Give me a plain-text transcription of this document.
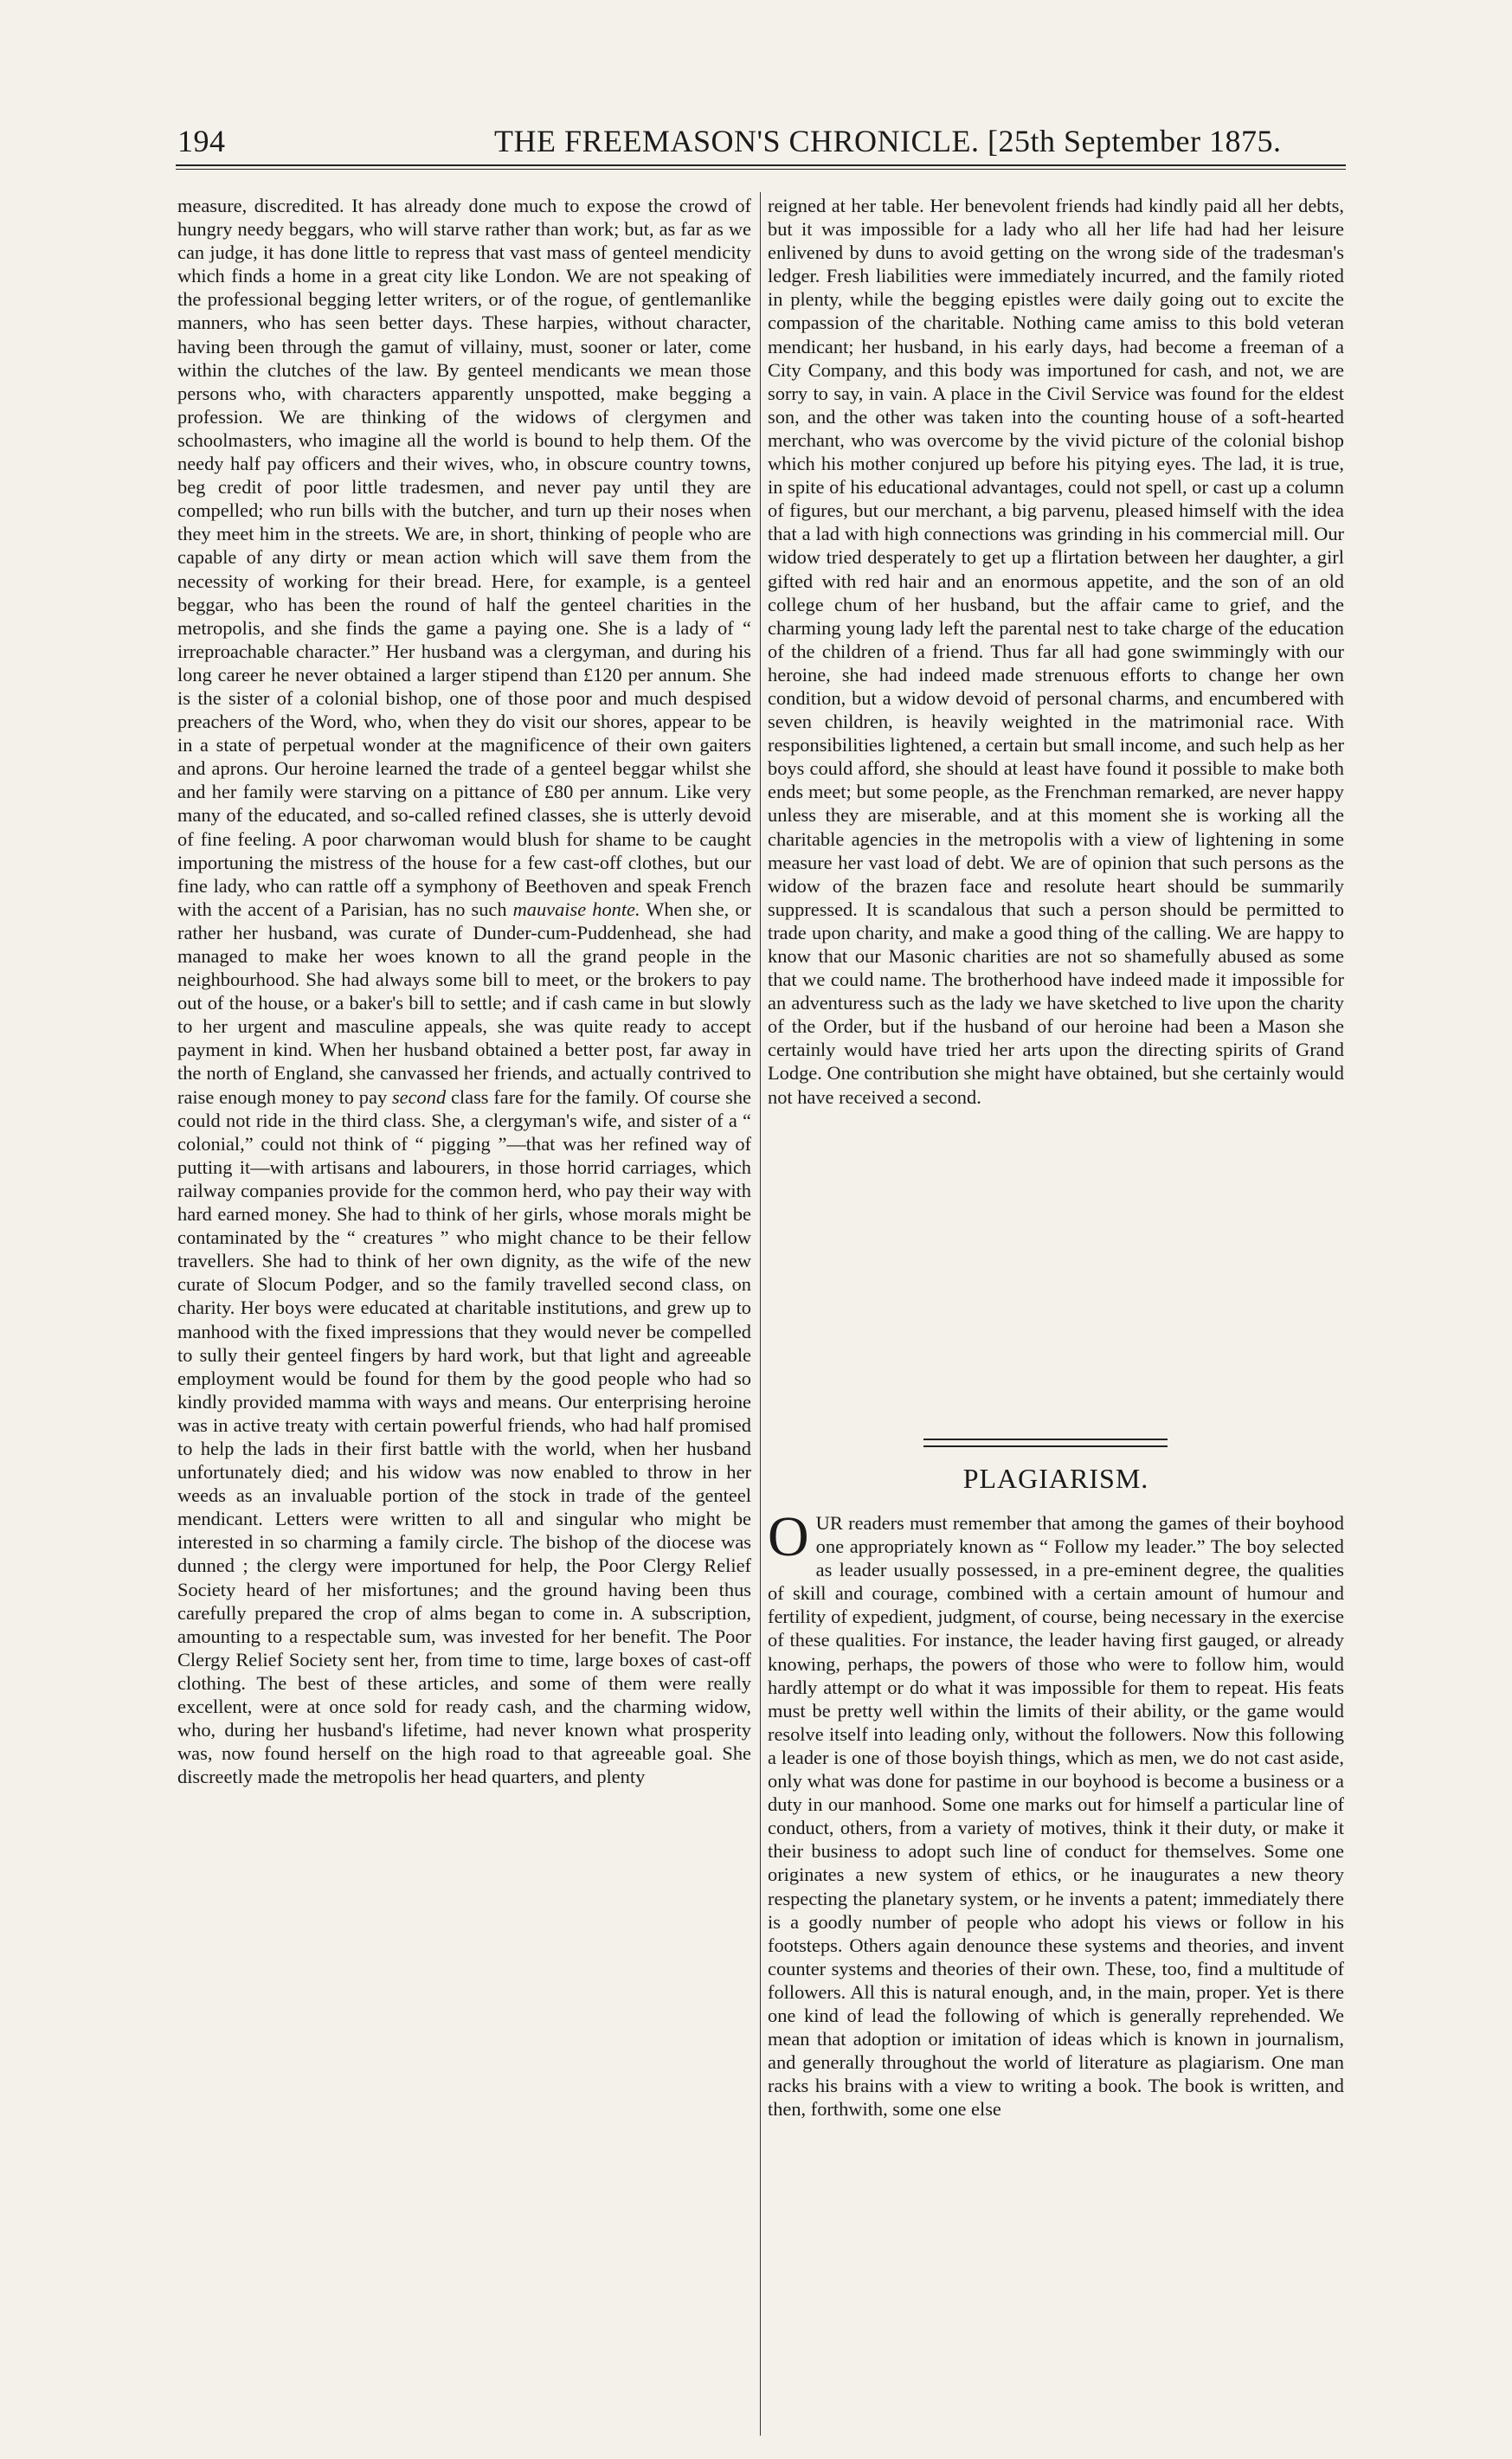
194	THE FREEMASON'S CHRONICLE. [25th September 1875.

measure, discredited. It has already done much to expose the crowd of hungry needy beggars, who will starve rather than work; but, as far as we can judge, it has done little to repress that vast mass of genteel mendicity which finds a home in a great city like London. We are not speaking of the professional begging letter writers, or of the rogue, of gentlemanlike manners, who has seen better days. These harpies, without character, having been through the gamut of villainy, must, sooner or later, come within the clutches of the law. By genteel mendicants we mean those persons who, with characters apparently unspotted, make begging a profession. We are thinking of the widows of clergymen and schoolmasters, who imagine all the world is bound to help them. Of the needy half pay officers and their wives, who, in obscure country towns, beg credit of poor little tradesmen, and never pay until they are compelled; who run bills with the butcher, and turn up their noses when they meet him in the streets. We are, in short, thinking of people who are capable of any dirty or mean action which will save them from the necessity of working for their bread. Here, for example, is a genteel beggar, who has been the round of half the genteel charities in the metropolis, and she finds the game a paying one. She is a lady of “ irreproachable character.” Her husband was a clergyman, and during his long career he never obtained a larger stipend than £120 per annum. She is the sister of a colonial bishop, one of those poor and much despised preachers of the Word, who, when they do visit our shores, appear to be in a state of perpetual wonder at the magnificence of their own gaiters and aprons. Our heroine learned the trade of a genteel beggar whilst she and her family were starving on a pittance of £80 per annum. Like very many of the educated, and so-called refined classes, she is utterly devoid of fine feeling. A poor charwoman would blush for shame to be caught importuning the mistress of the house for a few cast-off clothes, but our fine lady, who can rattle off a symphony of Beethoven and speak French with the accent of a Parisian, has no such mauvaise honte. When she, or rather her husband, was curate of Dunder-cum-Puddenhead, she had managed to make her woes known to all the grand people in the neighbourhood. She had always some bill to meet, or the brokers to pay out of the house, or a baker's bill to settle; and if cash came in but slowly to her urgent and masculine appeals, she was quite ready to accept payment in kind. When her husband obtained a better post, far away in the north of England, she canvassed her friends, and actually contrived to raise enough money to pay second class fare for the family. Of course she could not ride in the third class. She, a clergyman's wife, and sister of a “ colonial,” could not think of “ pigging ”—that was her refined way of putting it—with artisans and labourers, in those horrid carriages, which railway companies provide for the common herd, who pay their way with hard earned money. She had to think of her girls, whose morals might be contaminated by the “ creatures ” who might chance to be their fellow travellers. She had to think of her own dignity, as the wife of the new curate of Slocum Podger, and so the family travelled second class, on charity. Her boys were educated at charitable institutions, and grew up to manhood with the fixed impressions that they would never be compelled to sully their genteel fingers by hard work, but that light and agreeable employment would be found for them by the good people who had so kindly provided mamma with ways and means. Our enterprising heroine was in active treaty with certain powerful friends, who had half promised to help the lads in their first battle with the world, when her husband unfortunately died; and his widow was now enabled to throw in her weeds as an invaluable portion of the stock in trade of the genteel mendicant. Letters were written to all and singular who might be interested in so charming a family circle. The bishop of the diocese was dunned ; the clergy were importuned for help, the Poor Clergy Relief Society heard of her misfortunes; and the ground having been thus carefully prepared the crop of alms began to come in. A subscription, amounting to a respectable sum, was invested for her benefit. The Poor Clergy Relief Society sent her, from time to time, large boxes of cast-off clothing. The best of these articles, and some of them were really excellent, were at once sold for ready cash, and the charming widow, who, during her husband's lifetime, had never known what prosperity was, now found herself on the high road to that agreeable goal. She discreetly made the metropolis her head quarters, and plenty

reigned at her table. Her benevolent friends had kindly paid all her debts, but it was impossible for a lady who all her life had had her leisure enlivened by duns to avoid getting on the wrong side of the tradesman's ledger. Fresh liabilities were immediately incurred, and the family rioted in plenty, while the begging epistles were daily going out to excite the compassion of the charitable. Nothing came amiss to this bold veteran mendicant; her husband, in his early days, had become a freeman of a City Company, and this body was importuned for cash, and not, we are sorry to say, in vain. A place in the Civil Service was found for the eldest son, and the other was taken into the counting house of a soft-hearted merchant, who was overcome by the vivid picture of the colonial bishop which his mother conjured up before his pitying eyes. The lad, it is true, in spite of his educational advantages, could not spell, or cast up a column of figures, but our merchant, a big parvenu, pleased himself with the idea that a lad with high connections was grinding in his commercial mill. Our widow tried desperately to get up a flirtation between her daughter, a girl gifted with red hair and an enormous appetite, and the son of an old college chum of her husband, but the affair came to grief, and the charming young lady left the parental nest to take charge of the education of the children of a friend. Thus far all had gone swimmingly with our heroine, she had indeed made strenuous efforts to change her own condition, but a widow devoid of personal charms, and encumbered with seven children, is heavily weighted in the matrimonial race. With responsibilities lightened, a certain but small income, and such help as her boys could afford, she should at least have found it possible to make both ends meet; but some people, as the Frenchman remarked, are never happy unless they are miserable, and at this moment she is working all the charitable agencies in the metropolis with a view of lightening in some measure her vast load of debt. We are of opinion that such persons as the widow of the brazen face and resolute heart should be summarily suppressed. It is scandalous that such a person should be permitted to trade upon charity, and make a good thing of the calling. We are happy to know that our Masonic charities are not so shamefully abused as some that we could name. The brotherhood have indeed made it impossible for an adventuress such as the lady we have sketched to live upon the charity of the Order, but if the husband of our heroine had been a Mason she certainly would have tried her arts upon the directing spirits of Grand Lodge. One contribution she might have obtained, but she certainly would not have received a second.

PLAGIARISM.
OUR readers must remember that among the games of their boyhood one appropriately known as “ Follow my leader.” The boy selected as leader usually possessed, in a pre-eminent degree, the qualities of skill and courage, combined with a certain amount of humour and fertility of expedient, judgment, of course, being necessary in the exercise of these qualities. For instance, the leader having first gauged, or already knowing, perhaps, the powers of those who were to follow him, would hardly attempt or do what it was impossible for them to repeat. His feats must be pretty well within the limits of their ability, or the game would resolve itself into leading only, without the followers. Now this following a leader is one of those boyish things, which as men, we do not cast aside, only what was done for pastime in our boyhood is become a business or a duty in our manhood. Some one marks out for himself a particular line of conduct, others, from a variety of motives, think it their duty, or make it their business to adopt such line of conduct for themselves. Some one originates a new system of ethics, or he inaugurates a new theory respecting the planetary system, or he invents a patent; immediately there is a goodly number of people who adopt his views or follow in his footsteps. Others again denounce these systems and theories, and invent counter systems and theories of their own. These, too, find a multitude of followers. All this is natural enough, and, in the main, proper. Yet is there one kind of lead the following of which is generally reprehended. We mean that adoption or imitation of ideas which is known in journalism, and generally throughout the world of literature as plagiarism. One man racks his brains with a view to writing a book. The book is written, and then, forthwith, some one else
